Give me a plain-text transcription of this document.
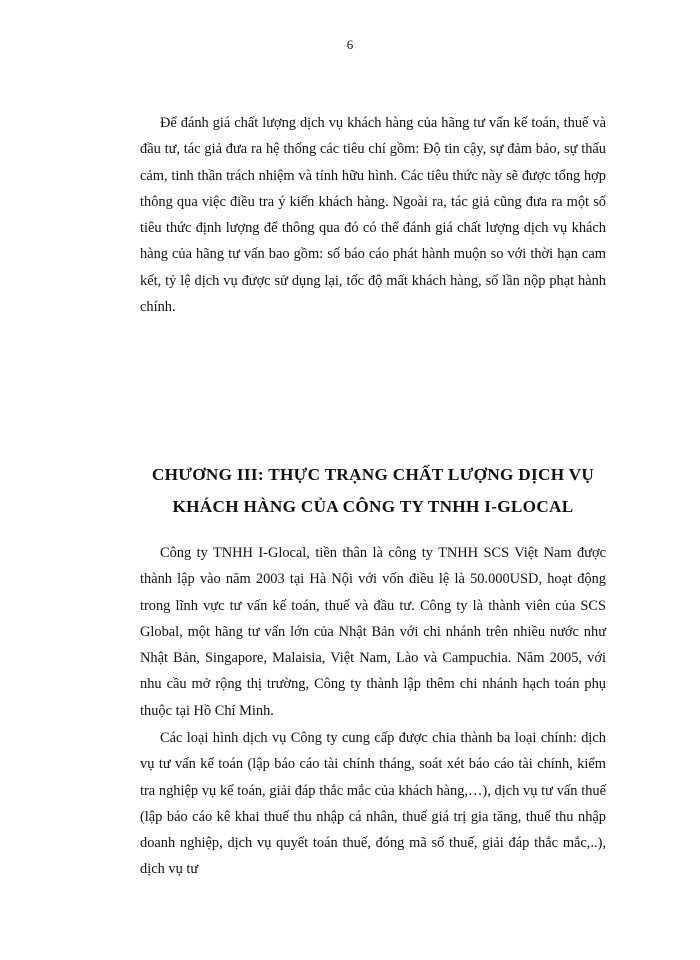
6

Để đánh giá chất lượng dịch vụ khách hàng của hãng tư vấn kế toán, thuế và đầu tư, tác giả đưa ra hệ thống các tiêu chí gồm: Độ tin cậy, sự đảm bảo, sự thấu cảm, tinh thần trách nhiệm và tính hữu hình. Các tiêu thức này sẽ được tổng hợp thông qua việc điều tra ý kiến khách hàng. Ngoài ra, tác giả cũng đưa ra một số tiêu thức định lượng để thông qua đó có thể đánh giá chất lượng dịch vụ khách hàng của hãng tư vấn bao gồm: số báo cáo phát hành muộn so với thời hạn cam kết, tỷ lệ dịch vụ được sử dụng lại, tốc độ mất khách hàng, số lần nộp phạt hành chính.

CHƯƠNG III: THỰC TRẠNG CHẤT LƯỢNG DỊCH VỤ
KHÁCH HÀNG CỦA CÔNG TY TNHH I-GLOCAL

Công ty TNHH I-Glocal, tiền thân là công ty TNHH SCS Việt Nam được thành lập vào năm 2003 tại Hà Nội với vốn điều lệ là 50.000USD, hoạt động trong lĩnh vực tư vấn kế toán, thuế và đầu tư. Công ty là thành viên của SCS Global, một hãng tư vấn lớn của Nhật Bản với chi nhánh trên nhiều nước như Nhật Bản, Singapore, Malaisia, Việt Nam, Lào và Campuchia. Năm 2005, với nhu cầu mở rộng thị trường, Công ty thành lập thêm chi nhánh hạch toán phụ thuộc tại Hồ Chí Minh.

Các loại hình dịch vụ Công ty cung cấp được chia thành ba loại chính: dịch vụ tư vấn kế toán (lập báo cáo tài chính tháng, soát xét báo cáo tài chính, kiểm tra nghiệp vụ kế toán, giải đáp thắc mắc của khách hàng,…), dịch vụ tư vấn thuế (lập báo cáo kê khai thuế thu nhập cá nhân, thuế giá trị gia tăng, thuế thu nhập doanh nghiệp, dịch vụ quyết toán thuế, đóng mã số thuế, giải đáp thắc mắc,..), dịch vụ tư
